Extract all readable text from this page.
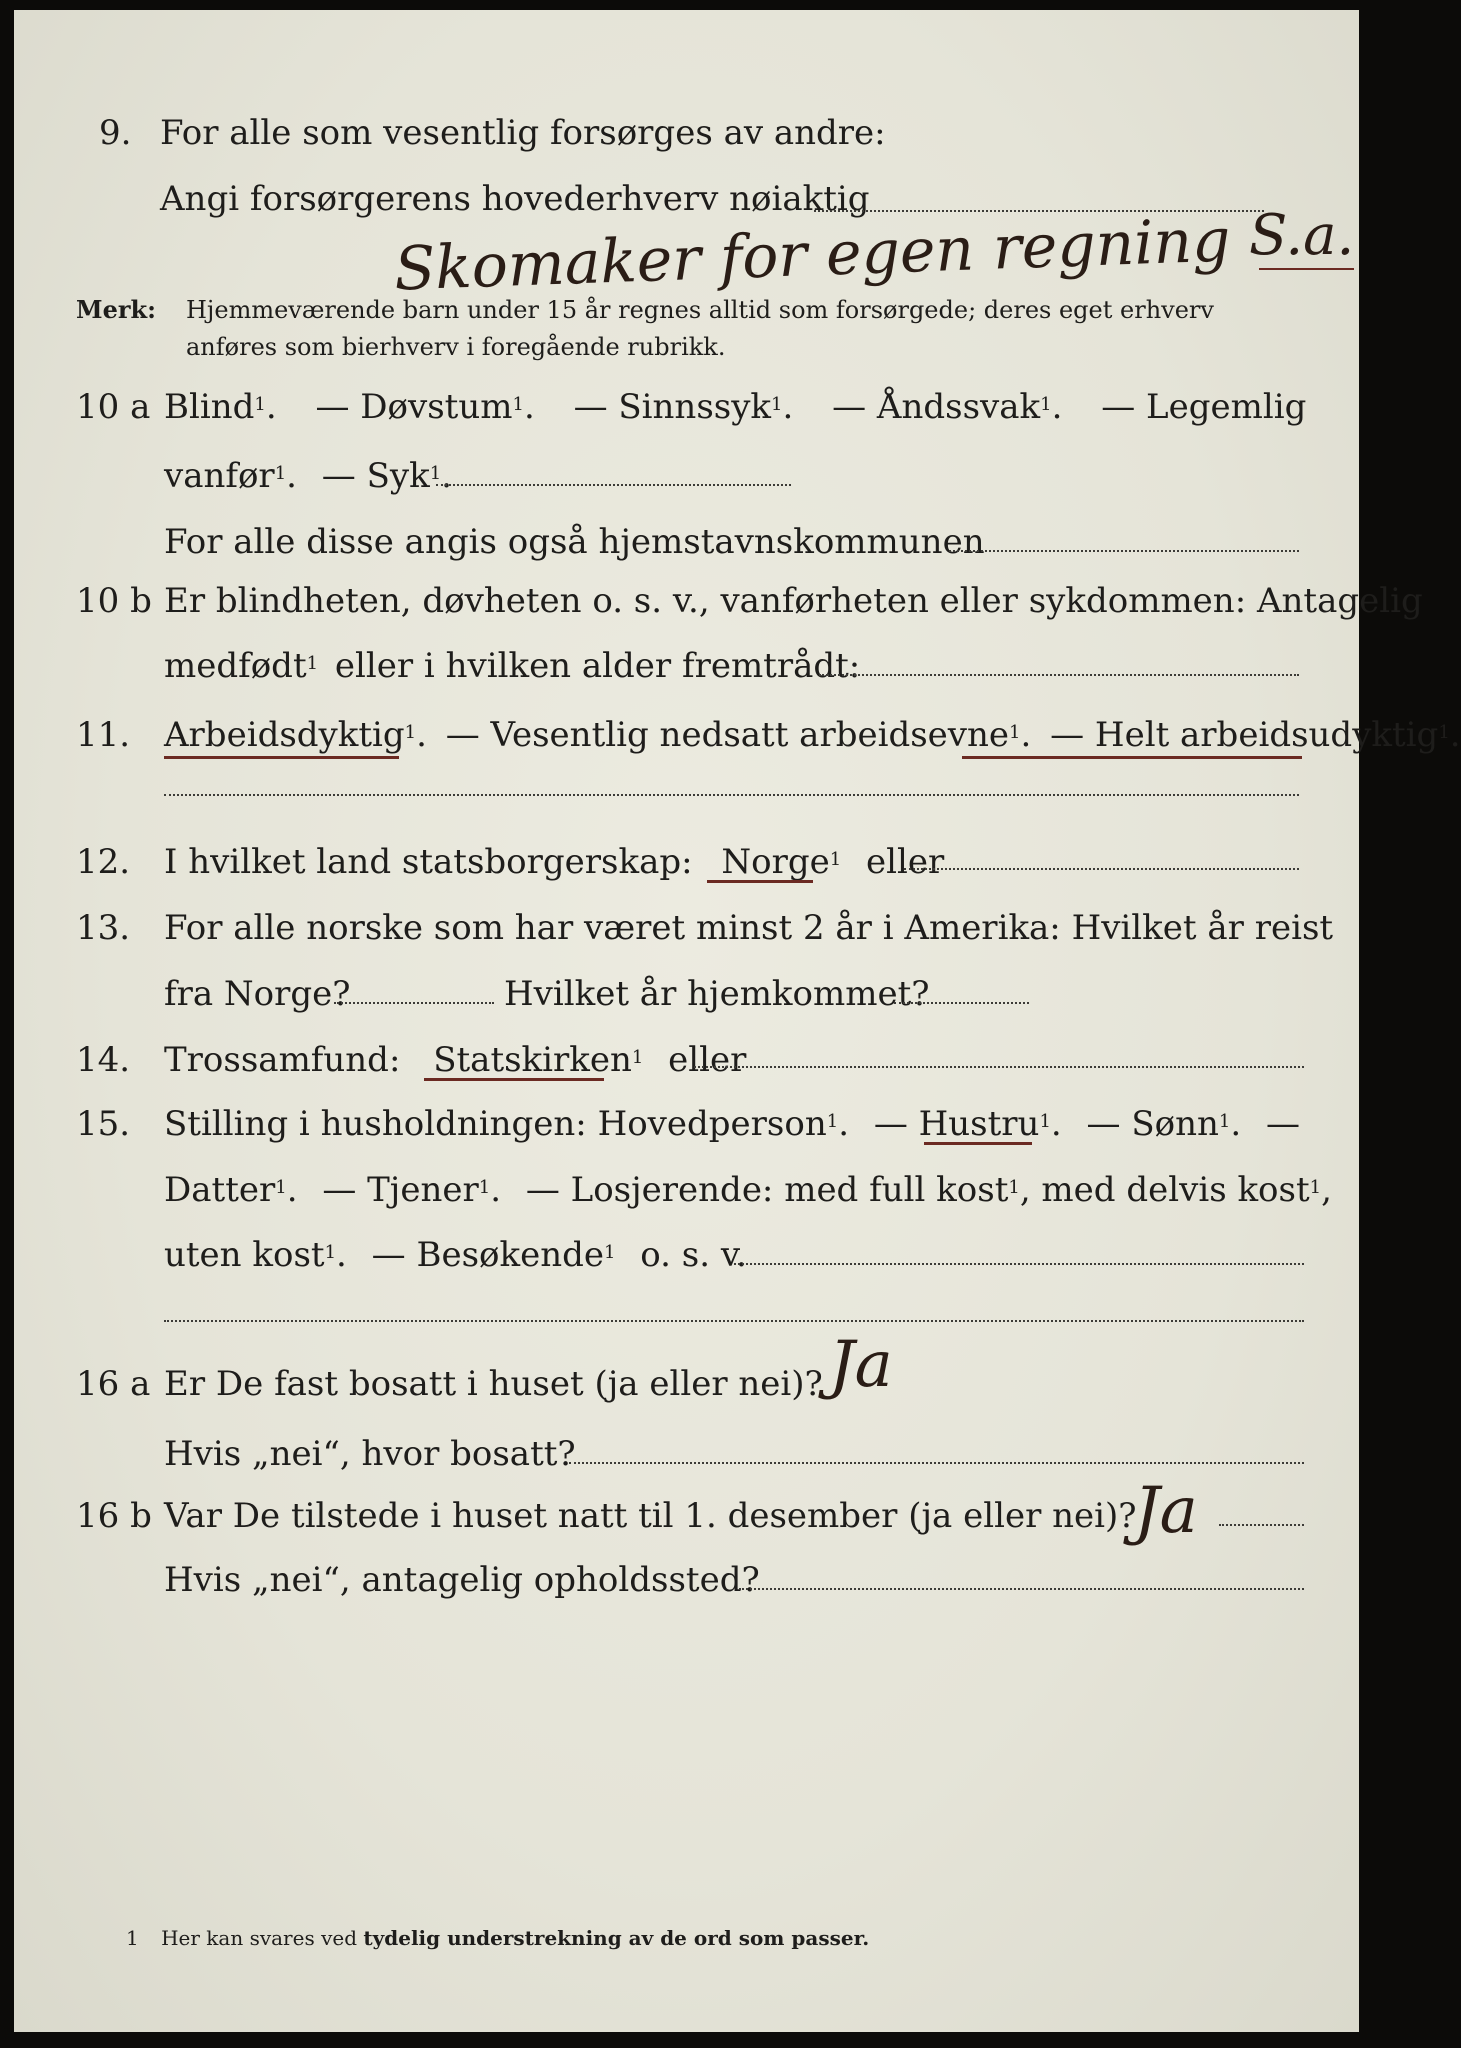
9. For alle som vesentlig forsørges av andre:
Angi forsørgerens hovederhverv nøiaktig
Skomaker for egen regning S.a.
Merk: Hjemmeværende barn under 15 år regnes alltid som forsørgede; deres eget erhverv
anføres som bierhverv i foregående rubrikk.
10 a Blind$^1$. — Døvstum$^1$. — Sinnssyk$^1$. — Åndssvak$^1$. — Legemlig
vanfør$^1$. — Syk$^1$.
For alle disse angis også hjemstavnskommunen
10 b Er blindheten, døvheten o. s. v., vanførheten eller sykdommen: Antagelig
medfødt$^1$ eller i hvilken alder fremtrådt:
11. Arbeidsdyktig$^1$. — Vesentlig nedsatt arbeidsevne$^1$. — Helt arbeidsudyktig$^1$.
12. I hvilket land statsborgerskap: Norge$^1$ eller
13. For alle norske som har været minst 2 år i Amerika: Hvilket år reist
fra Norge?	Hvilket år hjemkommet?
14. Trossamfund: Statskirken$^1$ eller
15. Stilling i husholdningen: Hovedperson$^1$. — Hustru$^1$. — Sønn$^1$. —
Datter$^1$. — Tjener$^1$. — Losjerende: med full kost$^1$, med delvis kost$^1$,
uten kost$^1$. — Besøkende$^1$ o. s. v.
16 a Er De fast bosatt i huset (ja eller nei)? Ja
Hvis „nei“, hvor bosatt?
16 b Var De tilstede i huset natt til 1. desember (ja eller nei)?
Ja
Hvis „nei“, antagelig opholdssted?
1 Her kan svares ved tydelig understrekning av de ord som passer.
